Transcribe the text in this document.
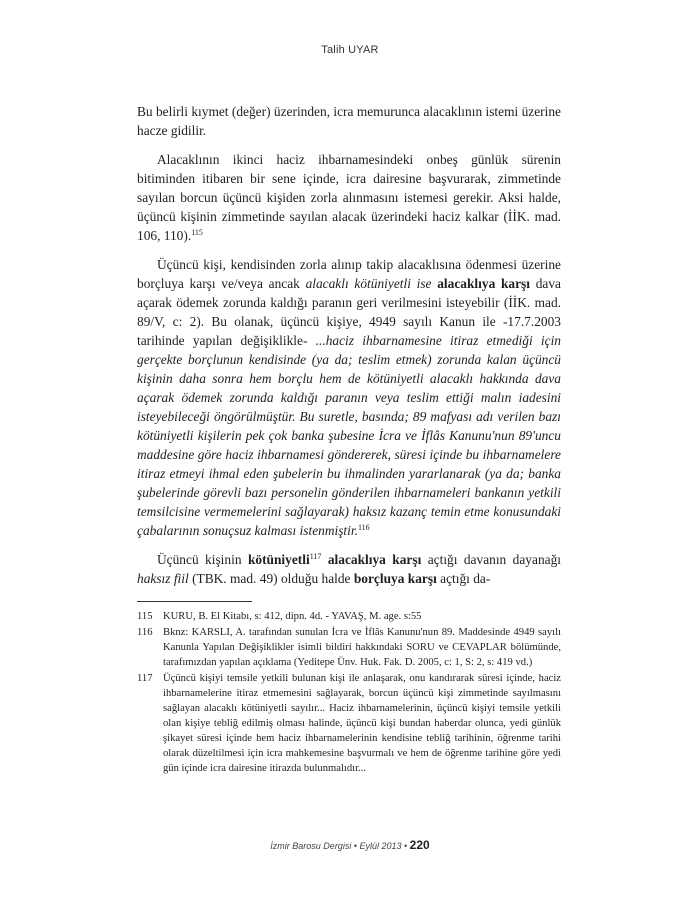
Talih UYAR

Bu belirli kıymet (değer) üzerinden, icra memurunca alacaklının istemi üzerine hacze gidilir.

Alacaklının ikinci haciz ihbarnamesindeki onbeş günlük sürenin bitiminden itibaren bir sene içinde, icra dairesine başvurarak, zimmetinde sayılan borcun üçüncü kişiden zorla alınmasını istemesi gerekir. Aksi halde, üçüncü kişinin zimmetinde sayılan alacak üzerindeki haciz kalkar (İİK. mad. 106, 110).$^{115}$

Üçüncü kişi, kendisinden zorla alınıp takip alacaklısına ödenmesi üzerine borçluya karşı ve/veya ancak alacaklı kötüniyetli ise alacaklıya karşı dava açarak ödemek zorunda kaldığı paranın geri verilmesini isteyebilir (İİK. mad. 89/V, c: 2). Bu olanak, üçüncü kişiye, 4949 sayılı Kanun ile -17.7.2003 tarihinde yapılan değişiklikle- ...haciz ihbarnamesine itiraz etmediği için gerçekte borçlunun kendisinde (ya da; teslim etmek) zorunda kalan üçüncü kişinin daha sonra hem borçlu hem de kötüniyetli alacaklı hakkında dava açarak ödemek zorunda kaldığı paranın veya teslim ettiği malın iadesini isteyebileceği öngörülmüştür. Bu suretle, basında; 89 mafyası adı verilen bazı kötüniyetli kişilerin pek çok banka şubesine İcra ve İflâs Kanunu'nun 89'uncu maddesine göre haciz ihbarnamesi göndererek, süresi içinde bu ihbarnamelere itiraz etmeyi ihmal eden şubelerin bu ihmalinden yararlanarak (ya da; banka şubelerinde görevli bazı personelin gönderilen ihbarnameleri bankanın yetkili temsilcisine vermemelerini sağlayarak) haksız kazanç temin etme konusundaki çabalarının sonuçsuz kalması istenmiştir.$^{116}$

Üçüncü kişinin kötüniyetli$^{117}$ alacaklıya karşı açtığı davanın dayanağı haksız fiil (TBK. mad. 49) olduğu halde borçluya karşı açtığı da-

115 KURU, B. El Kitabı, s: 412, dipn. 4d. - YAVAŞ, M. age. s:55
116 Bknz: KARSLI, A. tarafından sunulan İcra ve İflâs Kanunu'nun 89. Maddesinde 4949 sayılı Kanunla Yapılan Değişiklikler isimli bildiri hakkındaki SORU ve CEVAPLAR bölümünde, tarafımızdan yapılan açıklama (Yeditepe Ünv. Huk. Fak. D. 2005, c: 1, S: 2, s: 419 vd.)
117 Üçüncü kişiyi temsile yetkili bulunan kişi ile anlaşarak, onu kandırarak süresi içinde, haciz ihbarnamelerine itiraz etmemesini sağlayarak, borcun üçüncü kişi zimmetinde sayılmasını sağlayan alacaklı kötüniyetli sayılır... Haciz ihbarnamelerinin, üçüncü kişiyi temsile yetkili olan kişiye tebliğ edilmiş olması halinde, üçüncü kişi bundan haberdar olunca, yedi günlük şikayet süresi içinde hem haciz ihbarnamelerinin kendisine tebliğ tarihinin, öğrenme tarihi olarak düzeltilmesi için icra mahkemesine başvurmalı ve hem de öğrenme tarihine göre yedi gün içinde icra dairesine itirazda bulunmalıdır...
İzmir Barosu Dergisi • Eylül 2013 • 220
